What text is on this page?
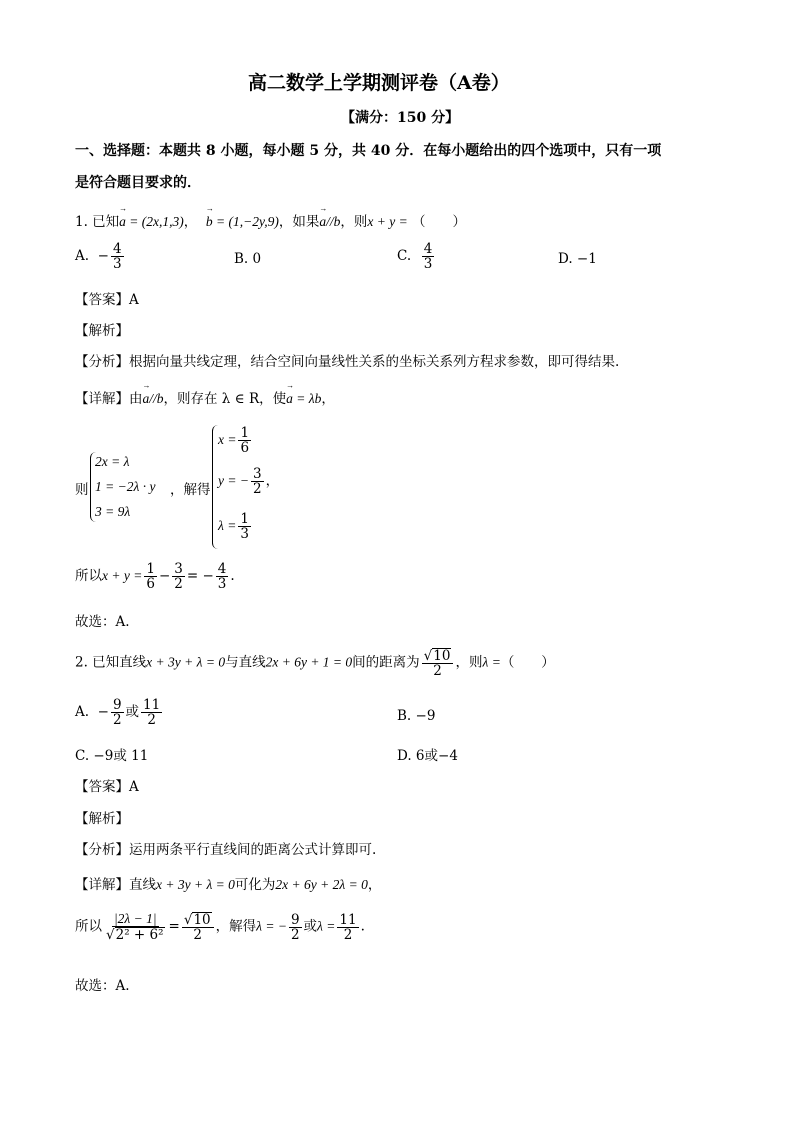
高二数学上学期测评卷（A卷）
【满分：150 分】
一、选择题：本题共 8 小题，每小题 5 分，共 40 分．在每小题给出的四个选项中，只有一项
是符合题目要求的．
1. 已知→ a = (2x,1,3)，  → b = (1,−2y,9)，如果→ a//b，则x + y = （　　）
A. − $\frac{4}{3}$	B. 0	C. $\frac{4}{3}$	D. −1
【答案】A
【解析】
【分析】根据向量共线定理，结合空间向量线性关系的坐标关系列方程求参数，即可得结果.
【详解】由→ a//b，则存在 λ ∈ R，使→ a = λb，
则
2x = λ
1 = −2λ · y
3 = 9λ
，解得
$x = \frac{1}{6}$
y = − $\frac{3}{2}$ ，
$\lambda = \frac{1}{3}$
所以$x + y = \frac{1}{6} - \frac{3}{2}$ = − $\frac{4}{3}$ .
故选：A.
2. 已知直线x + 3y + λ = 0与直线2x + 6y + 1 = 0间的距离为 $\frac{√10}{2}$ ，则λ =（　　）
A. − $\frac{9}{2}$ 或 $\frac{11}{2}$	B. −9
C. −9或 11	D. 6或−4
【答案】A
【解析】
【分析】运用两条平行直线间的距离公式计算即可.
【详解】直线x + 3y + λ = 0可化为2x + 6y + 2λ = 0，
所以 $\frac{|2\lambda - 1|}{\text{√2² + 6²}} = \frac{√10}{2}$ ，解得λ = − $\frac{9}{2}$ 或$\lambda = \frac{11}{2}$ .
故选：A.
